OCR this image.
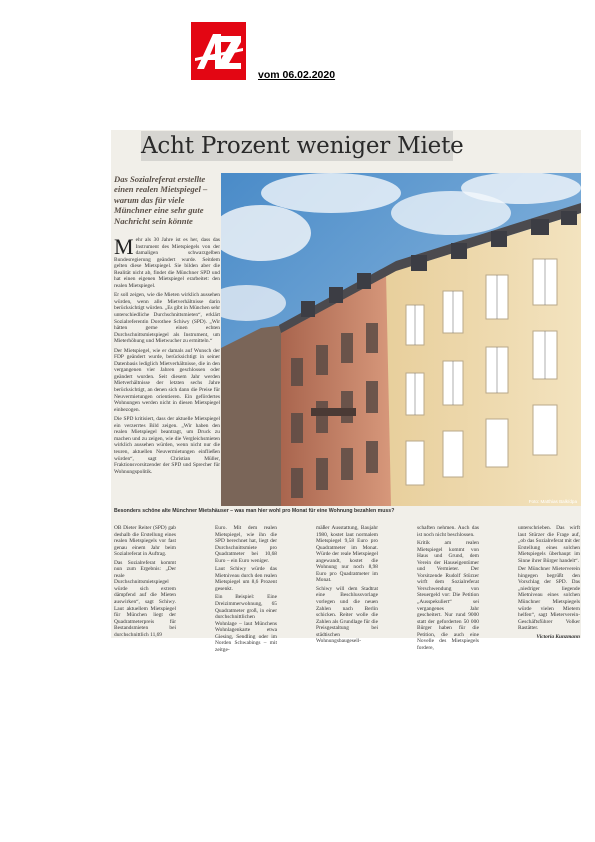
vom 06.02.2020
Acht Prozent weniger Miete
Das Sozialreferat erstellte einen realen Mietspiegel – warum das für viele Münchner eine sehr gute Nachricht sein könnte

M ehr als 30 Jahre ist es her, dass das Instrument des Mietspiegels von der damaligen schwarzgelben Bundesregierung geändert wurde. Seitdem gelten diese Mietspiegel. Sie bilden aber die Realität nicht ab, findet die Münchner SPD und hat einen eigenen Mietspiegel erarbeitet: den realen Mietspiegel.

Er soll zeigen, wie die Mieten wirklich aussehen würden, wenn alle Mietverhältnisse darin berücksichtigt würden. „Es gibt in München sehr unterschiedliche Durchschnittsmieten“, erklärt Sozialreferentin Dorothee Schiwy (SPD). „Wir hätten gerne einen echten Durchschnittsmietspiegel als Instrument, um Mieterhöhung und Mietwucher zu ermitteln.“

Der Mietspiegel, wie er damals auf Wunsch der FDP geändert wurde, berücksichtigt in seiner Datenbasis lediglich Mietverhältnisse, die in den vergangenen vier Jahren geschlossen oder geändert wurden. Seit diesem Jahr werden Mietverhältnisse der letzten sechs Jahre berücksichtigt, an denen sich dann die Preise für Neuvermietungen orientieren. Ein gefördertes Wohnungen werden nicht in diesen Mietspiegel einbezogen.

Die SPD kritisiert, dass der aktuelle Mietspiegel ein verzerrtes Bild zeigen. „Wir haben den realen Mietspiegel beantragt, um Druck zu machen und zu zeigen, wie die Vergleichsmieten wirklich aussehen würden, wenn nicht nur die teuren, aktuellen Neuvermietungen einfließen würden“, sagt Christian Müller, Fraktionsvorsitzender der SPD und Sprecher für Wohnungspolitik.

Foto: Matthias Balk/dpa
Besonders schöne alte Münchner Mietshäuser – was man hier wohl pro Monat für eine Wohnung bezahlen muss?

OB Dieter Reiter (SPD) gab deshalb die Erstellung eines realen Mietspiegels vor fast genau einem Jahr beim Sozialreferat in Auftrag.

Das Sozialreferat kommt nun zum Ergebnis: „Der reale Durchschnittsmietspiegel würde sich extrem dämpfend auf die Mieten auswirken“, sagt Schiwy. Laut aktuellem Mietspiegel für München liegt der Quadratmeterpreis für Bestandsmieten bei durchschnittlich 11,69

Euro. Mit dem realen Mietspiegel, wie ihn die SPD berechnet hat, liegt der Durchschnittsmiete pro Quadratmeter bei 10,68 Euro – ein Euro weniger.

Laut Schiwy würde das Mietniveau durch den realen Mietspiegel um 8,6 Prozent gesenkt.

Ein Beispiel: Eine Dreizimmerwohnung, 65 Quadratmeter groß, in einer durchschnittlichen Wohnlage – laut Münchens Wohnlagenkarte etwa Giesing, Sendling oder im Norden Schwabings – mit zeitge-

mäßer Ausstattung, Baujahr 1980, kostet laut normalem Mietspiegel 9,58 Euro pro Quadratmeter im Monat. Würde der reale Mietspiegel angewandt, kostet die Wohnung nur noch 8,98 Euro pro Quadratmeter im Monat.

Schiwy will dem Stadtrat eine Beschlussvorlage vorlegen und die neuen Zahlen nach Berlin schicken. Reiter wolle die Zahlen als Grundlage für die Preisgestaltung bei städtischen Wohnungsbaugesell-

schaften nehmen. Auch das ist noch nicht beschlossen.

Kritik am realen Mietspiegel kommt von Haus und Grund, dem Verein der Hauseigentümer und Vermieter. Der Vorsitzende Rudolf Stürzer wirft dem Sozialreferat Verschwendung von Steuergeld vor: Die Petition „Ausspekuliert“ sei vergangenes Jahr gescheitert. Nur rund 9000 statt der geforderten 50 000 Bürger haben für die Petition, die auch eine Novelle des Mietspiegels fordere,

unterschrieben. Das wirft laut Stürzer die Frage auf, „ob das Sozialreferat mit der Erstellung eines solchen Mietspiegels überhaupt im Sinne ihrer Bürger handelt“.

Der Münchner Mieterverein hingegen begrüßt den Vorschlag der SPD. Das „niedriger liegende Mietniveau eines solchen Münchner Mietspiegels würde vielen Mietern helfen“, sagt Mieterverein-Geschäftsführer Volker Rastätter.

Victoria Kunzmann
